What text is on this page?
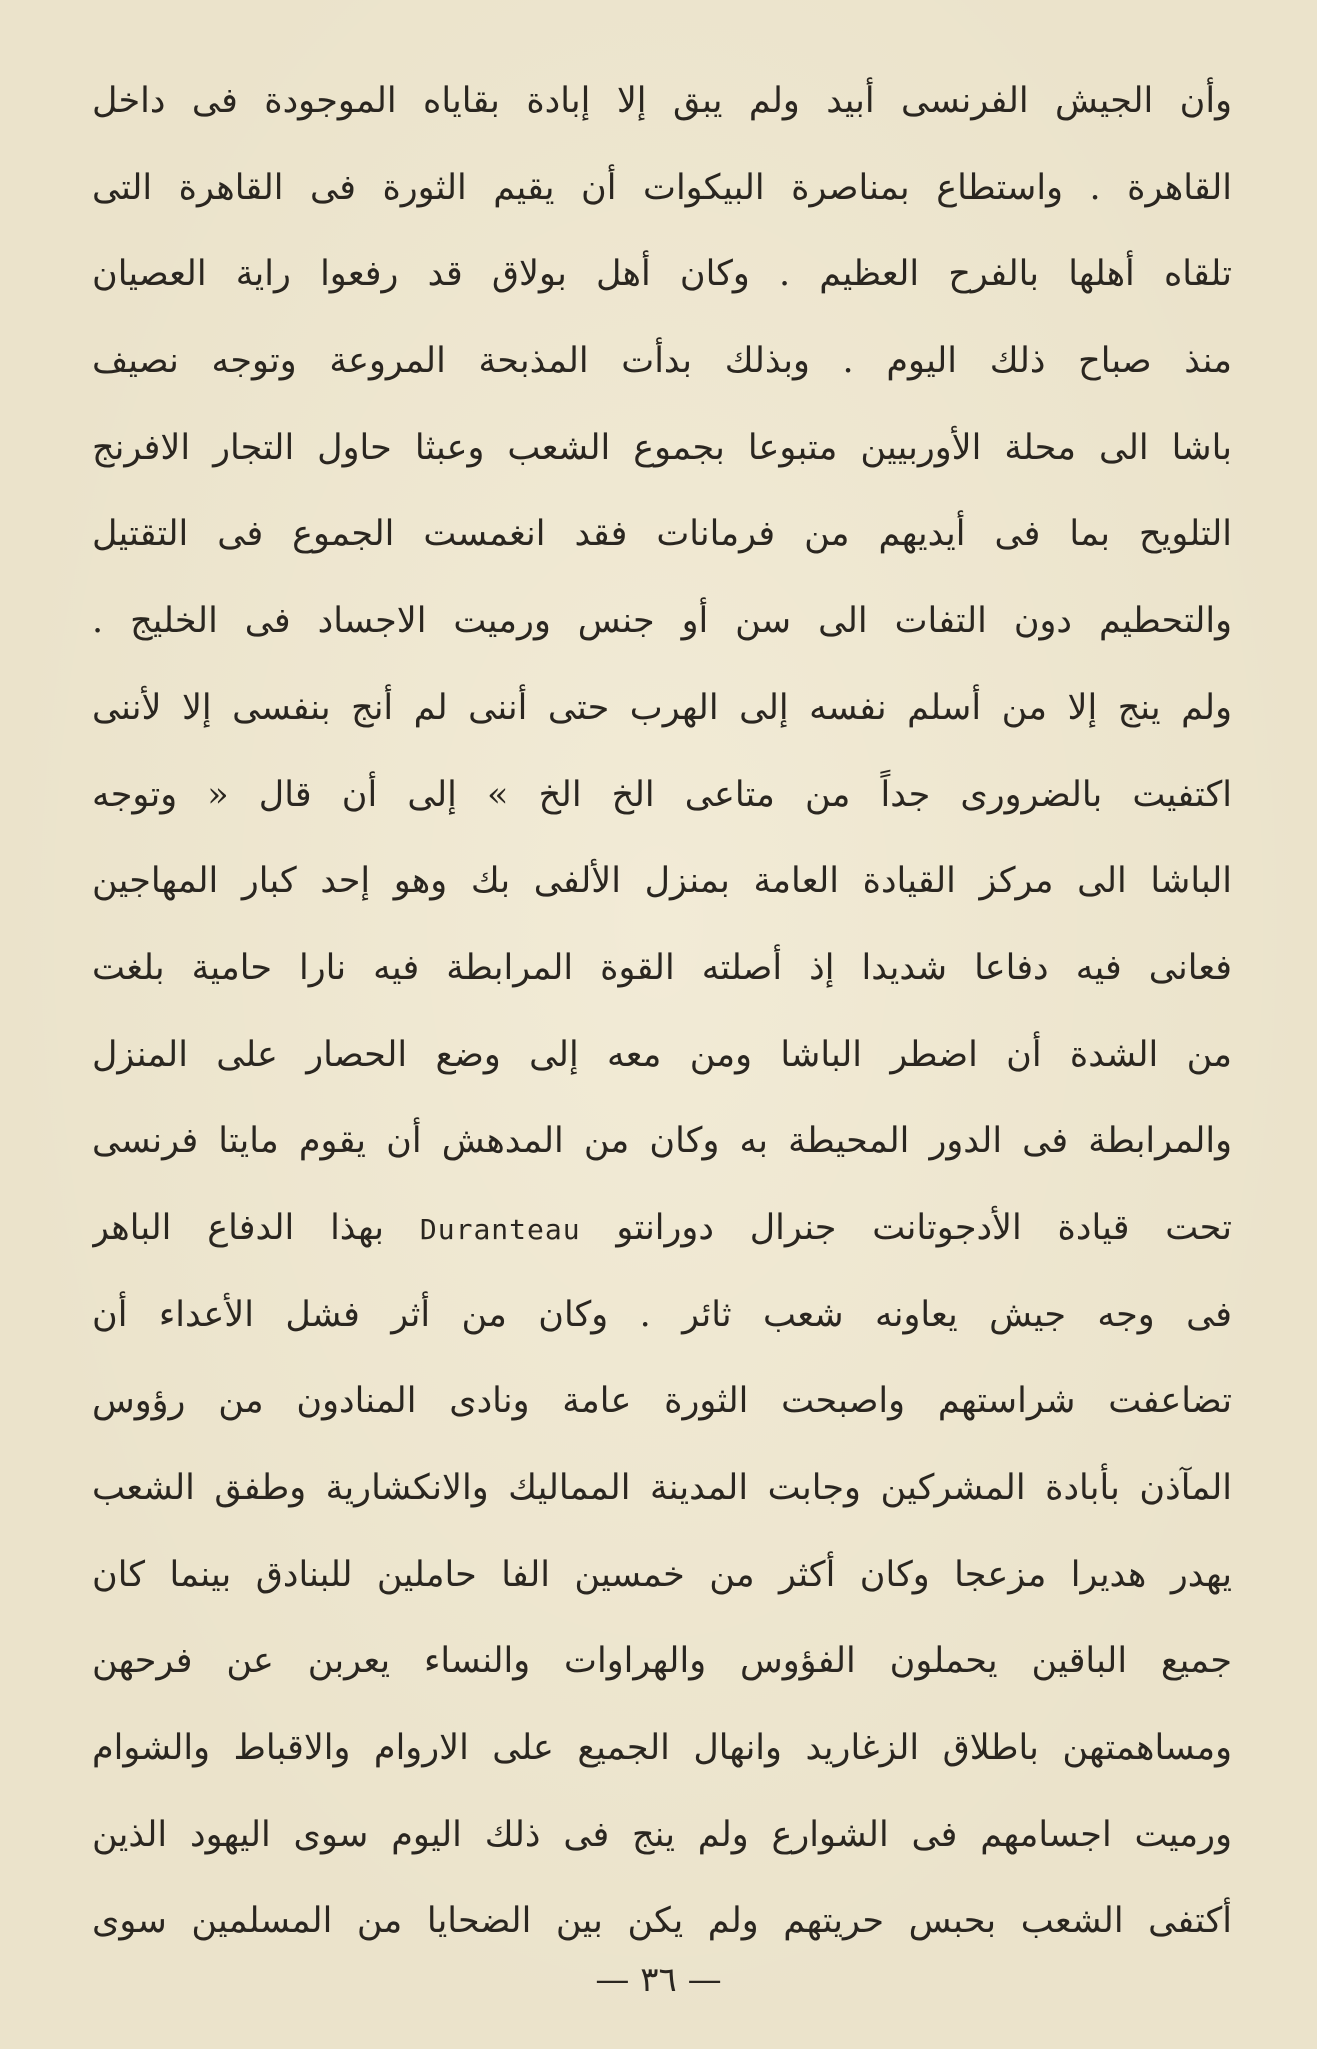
وأن الجيش الفرنسى أبيد ولم يبق إلا إبادة بقاياه الموجودة فى داخل
القاهرة . واستطاع بمناصرة البيكوات أن يقيم الثورة فى القاهرة التى
تلقاه أهلها بالفرح العظيم . وكان أهل بولاق قد رفعوا راية العصيان
منذ صباح ذلك اليوم . وبذلك بدأت المذبحة المروعة وتوجه نصيف
باشا الى محلة الأوربيين متبوعا بجموع الشعب وعبثا حاول التجار الافرنج
التلويح بما فى أيديهم من فرمانات فقد انغمست الجموع فى التقتيل
والتحطيم دون التفات الى سن أو جنس ورميت الاجساد فى الخليج .
ولم ينج إلا من أسلم نفسه إلى الهرب حتى أننى لم أنج بنفسى إلا لأننى
اكتفيت بالضرورى جداً من متاعى الخ الخ » إلى أن قال « وتوجه
الباشا الى مركز القيادة العامة بمنزل الألفى بك وهو إحد كبار المهاجين
فعانى فيه دفاعا شديدا إذ أصلته القوة المرابطة فيه نارا حامية بلغت
من الشدة أن اضطر الباشا ومن معه إلى وضع الحصار على المنزل
والمرابطة فى الدور المحيطة به وكان من المدهش أن يقوم مايتا فرنسى
تحت قيادة الأدجوتانت جنرال دورانتو Duranteau بهذا الدفاع الباهر
فى وجه جيش يعاونه شعب ثائر . وكان من أثر فشل الأعداء أن
تضاعفت شراستهم واصبحت الثورة عامة ونادى المنادون من رؤوس
المآذن بأبادة المشركين وجابت المدينة المماليك والانكشارية وطفق الشعب
يهدر هديرا مزعجا وكان أكثر من خمسين الفا حاملين للبنادق بينما كان
جميع الباقين يحملون الفؤوس والهراوات والنساء يعربن عن فرحهن
ومساهمتهن باطلاق الزغاريد وانهال الجميع على الاروام والاقباط والشوام
ورميت اجسامهم فى الشوارع ولم ينج فى ذلك اليوم سوى اليهود الذين
أكتفى الشعب بحبس حريتهم ولم يكن بين الضحايا من المسلمين سوى
— ٣٦ —
